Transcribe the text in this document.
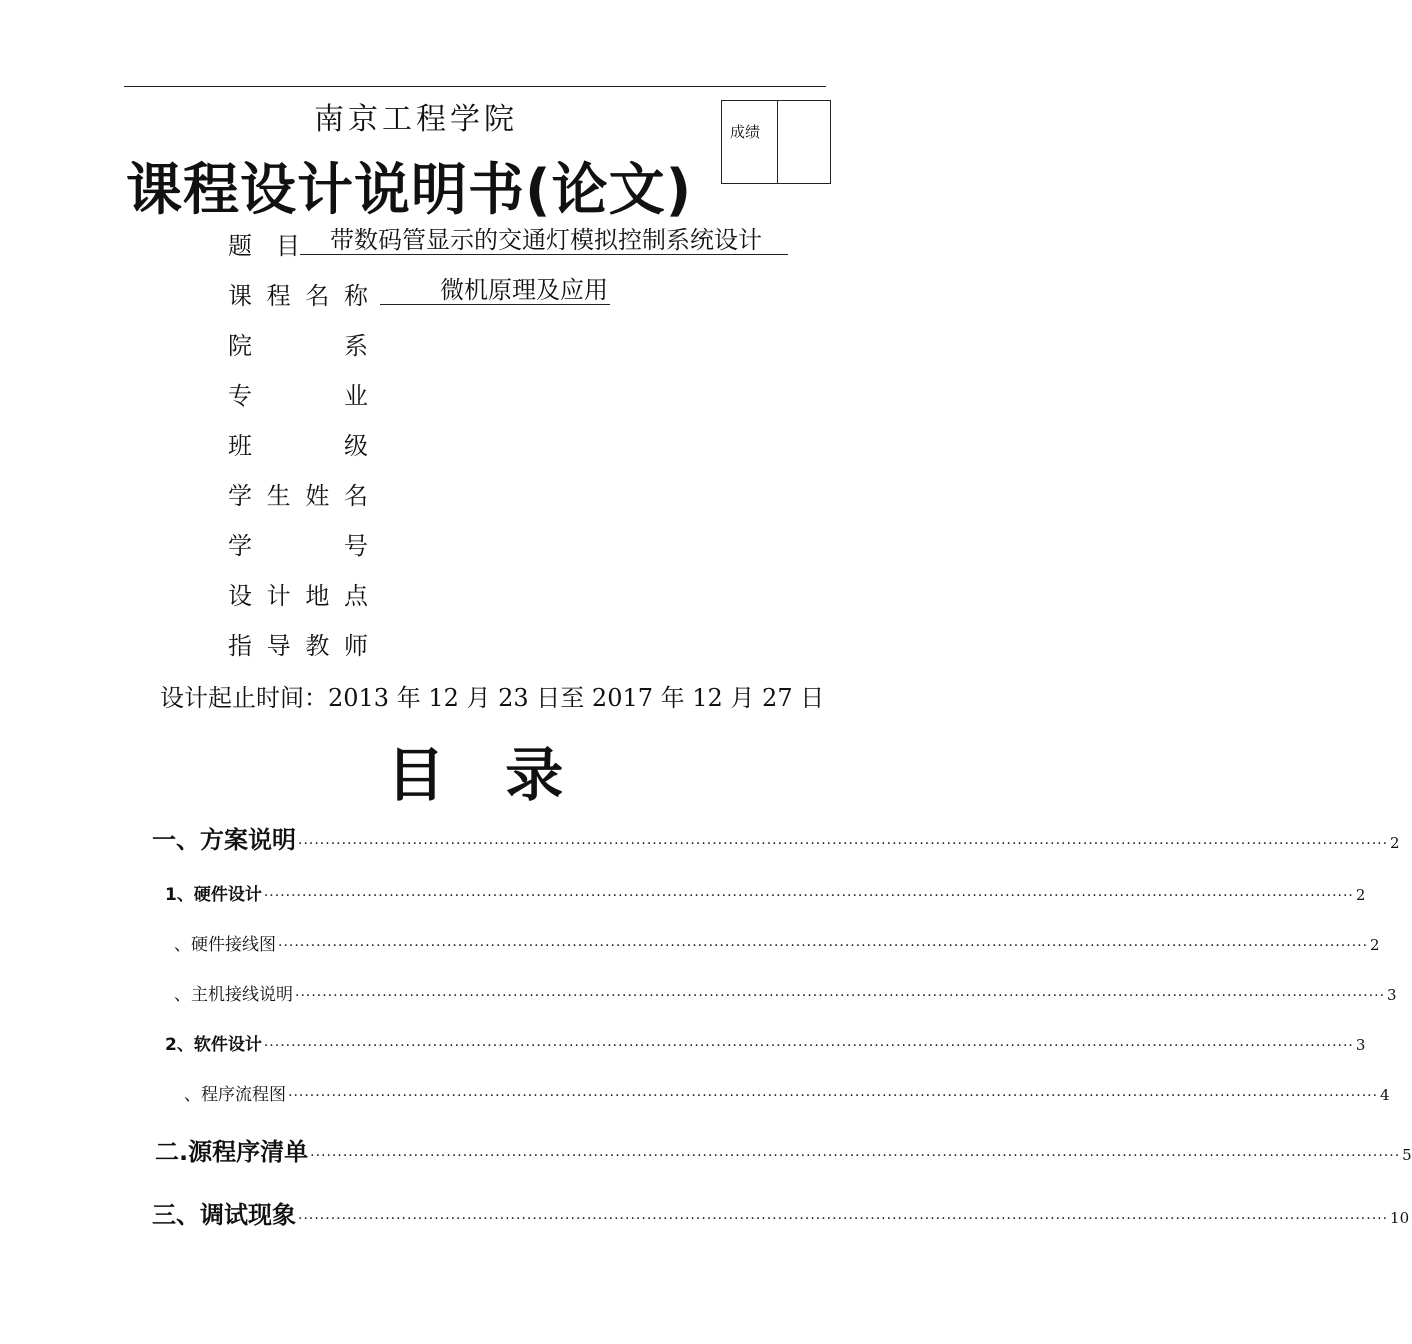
南京工程学院	成绩
课程设计说明书(论文)
题 目 带数码管显示的交通灯模拟控制系统设计
课 程 名 称	微机原理及应用
院	系
专	业
班	级
学 生 姓 名
学	号
设 计 地 点
指 导 教 师
设计起止时间：2013 年 12 月 23 日至 2017 年 12 月 27 日
目   录
一、方案说明 ········································································································································································································ 2
1、硬件设计 ········································································································································································································ 2
、硬件接线图 ········································································································································································································ 2
、主机接线说明 ········································································································································································································ 3
2、软件设计 ········································································································································································································ 3
、程序流程图 ········································································································································································································ 4
二.源程序清单 ········································································································································································································ 5
三、调试现象 ········································································································································································································ 10
